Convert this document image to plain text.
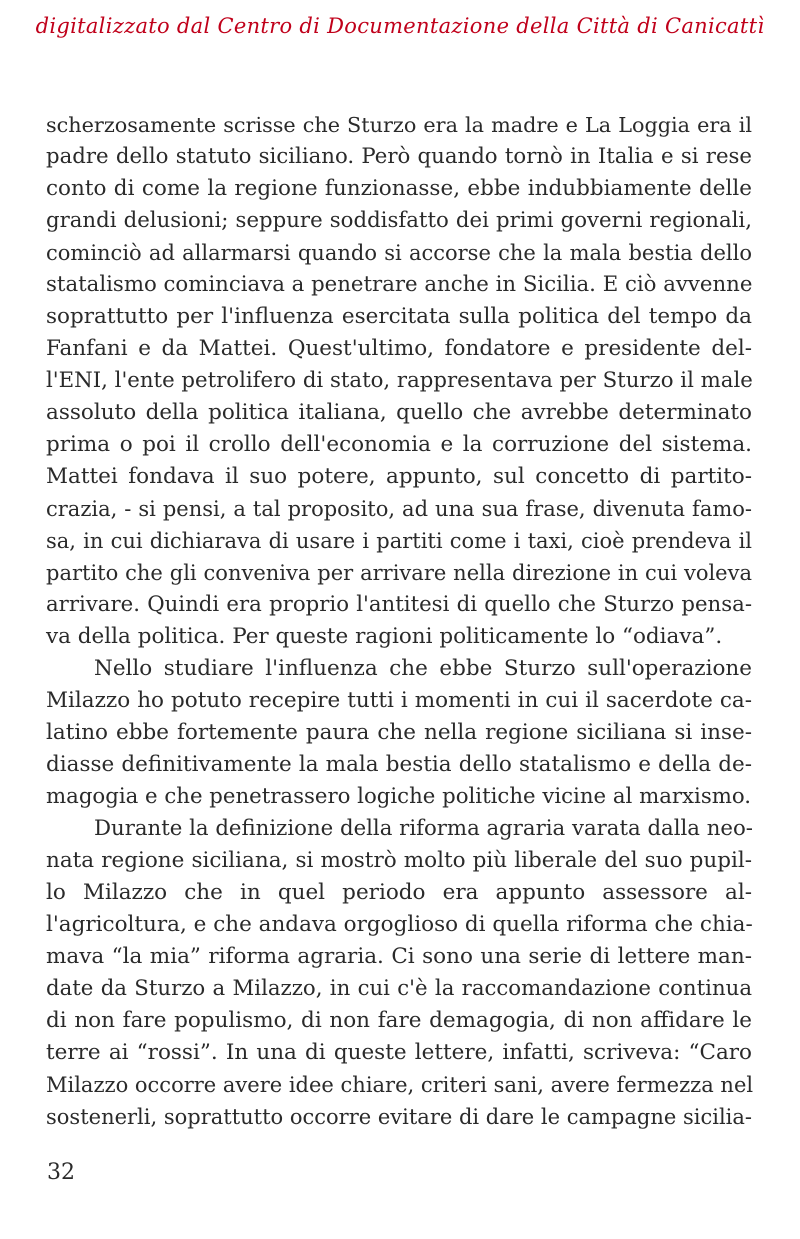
digitalizzato dal Centro di Documentazione della Città di Canicattì
scherzosamente scrisse che Sturzo era la madre e La Loggia era il
padre dello statuto siciliano. Però quando tornò in Italia e si rese
conto di come la regione funzionasse, ebbe indubbiamente delle
grandi delusioni; seppure soddisfatto dei primi governi regionali,
cominciò ad allarmarsi quando si accorse che la mala bestia dello
statalismo cominciava a penetrare anche in Sicilia. E ciò avvenne
soprattutto per l'influenza esercitata sulla politica del tempo da
Fanfani e da Mattei. Quest'ultimo, fondatore e presidente del-
l'ENI, l'ente petrolifero di stato, rappresentava per Sturzo il male
assoluto della politica italiana, quello che avrebbe determinato
prima o poi il crollo dell'economia e la corruzione del sistema.
Mattei fondava il suo potere, appunto, sul concetto di partito-
crazia, - si pensi, a tal proposito, ad una sua frase, divenuta famo-
sa, in cui dichiarava di usare i partiti come i taxi, cioè prendeva il
partito che gli conveniva per arrivare nella direzione in cui voleva
arrivare. Quindi era proprio l'antitesi di quello che Sturzo pensa-
va della politica. Per queste ragioni politicamente lo “odiava”.
Nello studiare l'influenza che ebbe Sturzo sull'operazione
Milazzo ho potuto recepire tutti i momenti in cui il sacerdote ca-
latino ebbe fortemente paura che nella regione siciliana si inse-
diasse definitivamente la mala bestia dello statalismo e della de-
magogia e che penetrassero logiche politiche vicine al marxismo.
Durante la definizione della riforma agraria varata dalla neo-
nata regione siciliana, si mostrò molto più liberale del suo pupil-
lo Milazzo che in quel periodo era appunto assessore al-
l'agricoltura, e che andava orgoglioso di quella riforma che chia-
mava “la mia” riforma agraria. Ci sono una serie di lettere man-
date da Sturzo a Milazzo, in cui c'è la raccomandazione continua
di non fare populismo, di non fare demagogia, di non affidare le
terre ai “rossi”. In una di queste lettere, infatti, scriveva: “Caro
Milazzo occorre avere idee chiare, criteri sani, avere fermezza nel
sostenerli, soprattutto occorre evitare di dare le campagne sicilia-
32
